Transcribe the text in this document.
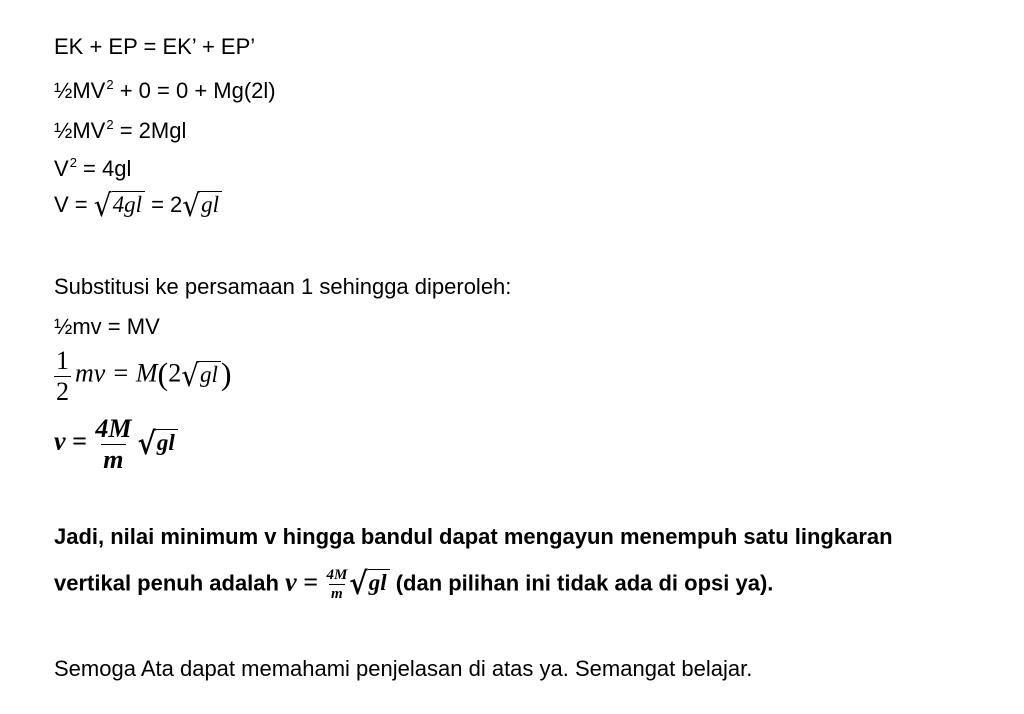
EK + EP = EK’ + EP’
$\frac{1}{2}MV^2 + 0 = 0 + Mg(2l)$
$\frac{1}{2}MV^2 = 2Mgl$
$V^2 = 4gl$
V = √4gl = 2√gl
Substitusi ke persamaan 1 sehingga diperoleh:
½mv = MV
$\frac{1}{2}$ mv = M(2√gl)
$v = \frac{4M}{m} √gl$
Jadi, nilai minimum v hingga bandul dapat mengayun menempuh satu lingkaran
vertikal penuh adalah $v = \frac{4M}{m} √gl$ (dan pilihan ini tidak ada di opsi ya).
Semoga Ata dapat memahami penjelasan di atas ya. Semangat belajar.
